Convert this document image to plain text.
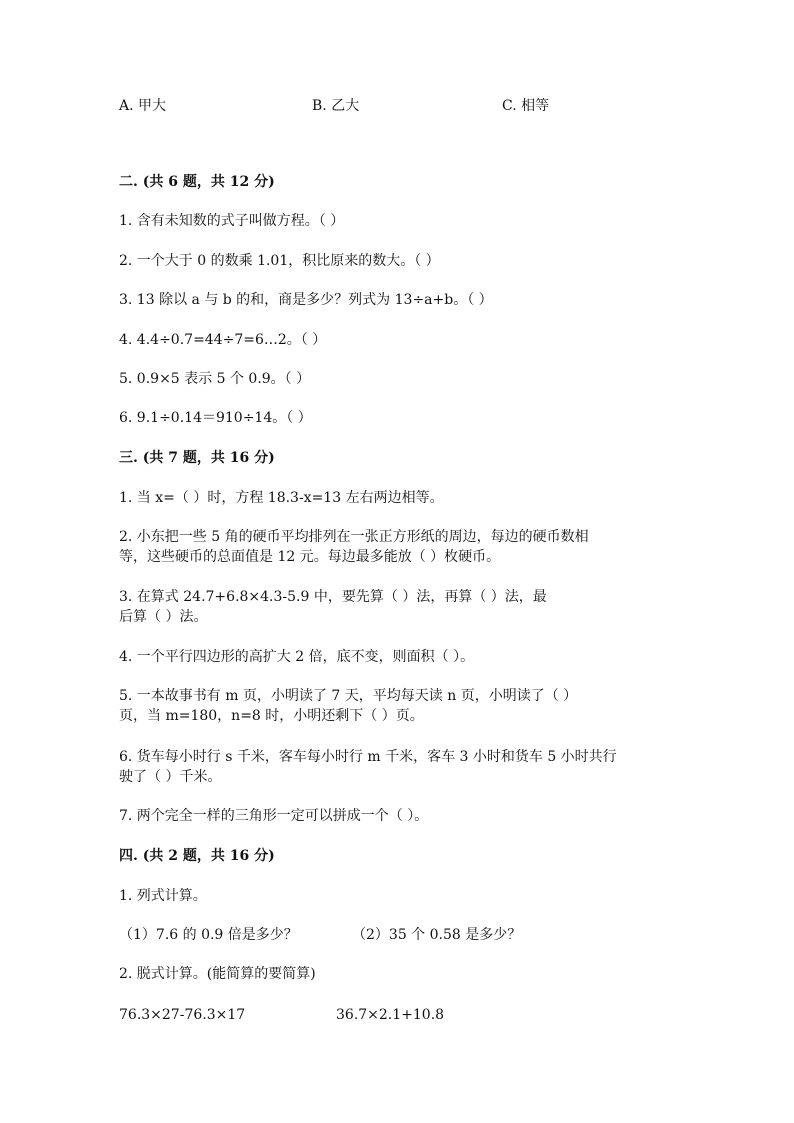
A. 甲大	B. 乙大	C. 相等
二. (共 6 题，共 12 分)
1. 含有未知数的式子叫做方程。（ ）
2. 一个大于 0 的数乘 1.01，积比原来的数大。（ ）
3. 13 除以 a 与 b 的和，商是多少？列式为 13÷a+b。（ ）
4. 4.4÷0.7=44÷7=6…2。（ ）
5. 0.9×5 表示 5 个 0.9。（ ）
6. 9.1÷0.14＝910÷14。（ ）
三. (共 7 题，共 16 分)
1. 当 x=（ ）时，方程 18.3-x=13 左右两边相等。
2. 小东把一些 5 角的硬币平均排列在一张正方形纸的周边，每边的硬币数相
等，这些硬币的总面值是 12 元。每边最多能放（ ）枚硬币。
3. 在算式 24.7+6.8×4.3-5.9 中，要先算（ ）法，再算（ ）法，最
后算（ ）法。
4. 一个平行四边形的高扩大 2 倍，底不变，则面积（ ）。
5. 一本故事书有 m 页，小明读了 7 天，平均每天读 n 页，小明读了（ ）
页，当 m=180，n=8 时，小明还剩下（ ）页。
6. 货车每小时行 s 千米，客车每小时行 m 千米，客车 3 小时和货车 5 小时共行
驶了（ ）千米。
7. 两个完全一样的三角形一定可以拼成一个（ ）。
四. (共 2 题，共 16 分)
1. 列式计算。
（1）7.6 的 0.9 倍是多少？	（2）35 个 0.58 是多少？
2. 脱式计算。(能简算的要简算)
76.3×27-76.3×17	36.7×2.1+10.8
